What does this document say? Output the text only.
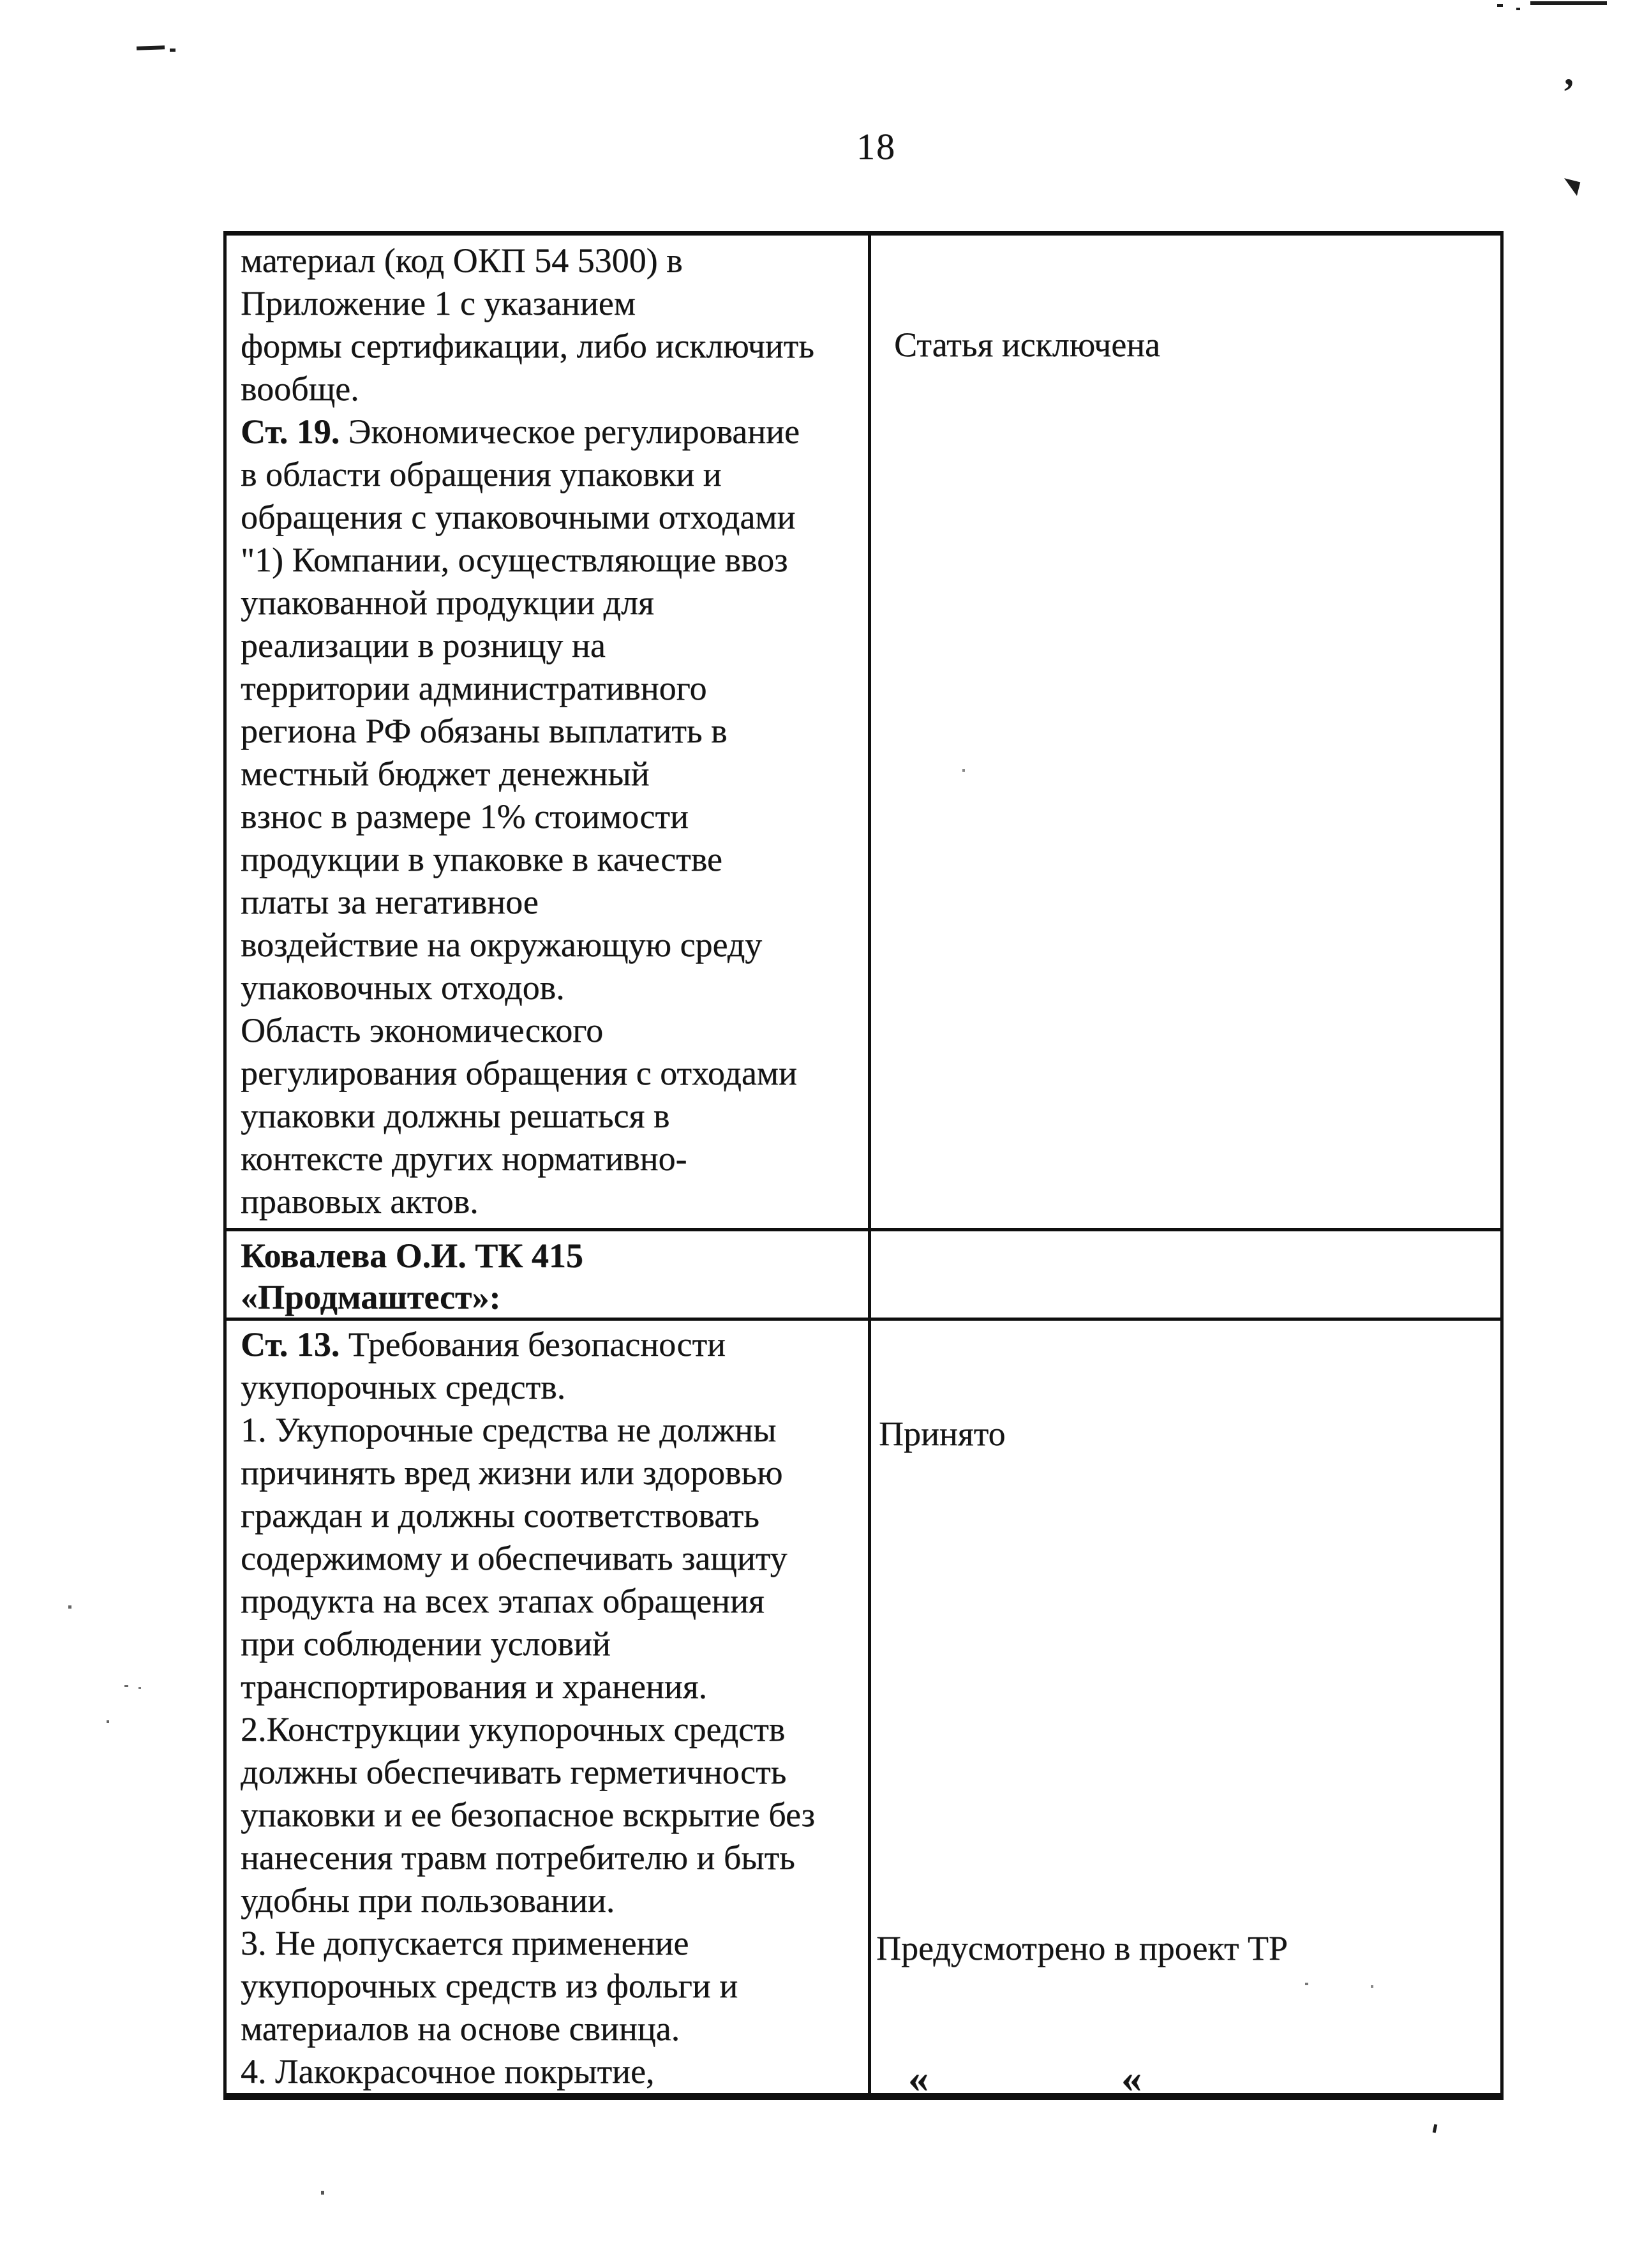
18
’
материал (код ОКП 54 5300) в
Приложение 1 с указанием
формы сертификации, либо исключить
вообще.
Ст. 19. Экономическое регулирование
в области обращения упаковки и
обращения с упаковочными отходами
"1) Компании, осуществляющие ввоз
упакованной продукции для
реализации в розницу на
территории административного
региона РФ обязаны выплатить в
местный бюджет денежный
взнос в размере 1% стоимости
продукции в упаковке в качестве
платы за негативное
воздействие на окружающую среду
упаковочных отходов.
Область экономического
регулирования обращения с отходами
упаковки должны решаться в
контексте других нормативно-
правовых актов.
Статья исключена
Ковалева О.И. ТК 415
«Продмаштест»:
Ст. 13. Требования безопасности
укупорочных средств.
1. Укупорочные средства не должны
причинять вред жизни или здоровью
граждан и должны соответствовать
содержимому и обеспечивать защиту
продукта на всех этапах обращения
при соблюдении условий
транспортирования и хранения.
2.Конструкции укупорочных средств
должны обеспечивать герметичность
упаковки и ее безопасное вскрытие без
нанесения травм потребителю и быть
удобны при пользовании.
3. Не допускается применение
укупорочных средств из фольги и
материалов на основе свинца.
4. Лакокрасочное покрытие,
Принято
Предусмотрено в проект ТР
«	«
